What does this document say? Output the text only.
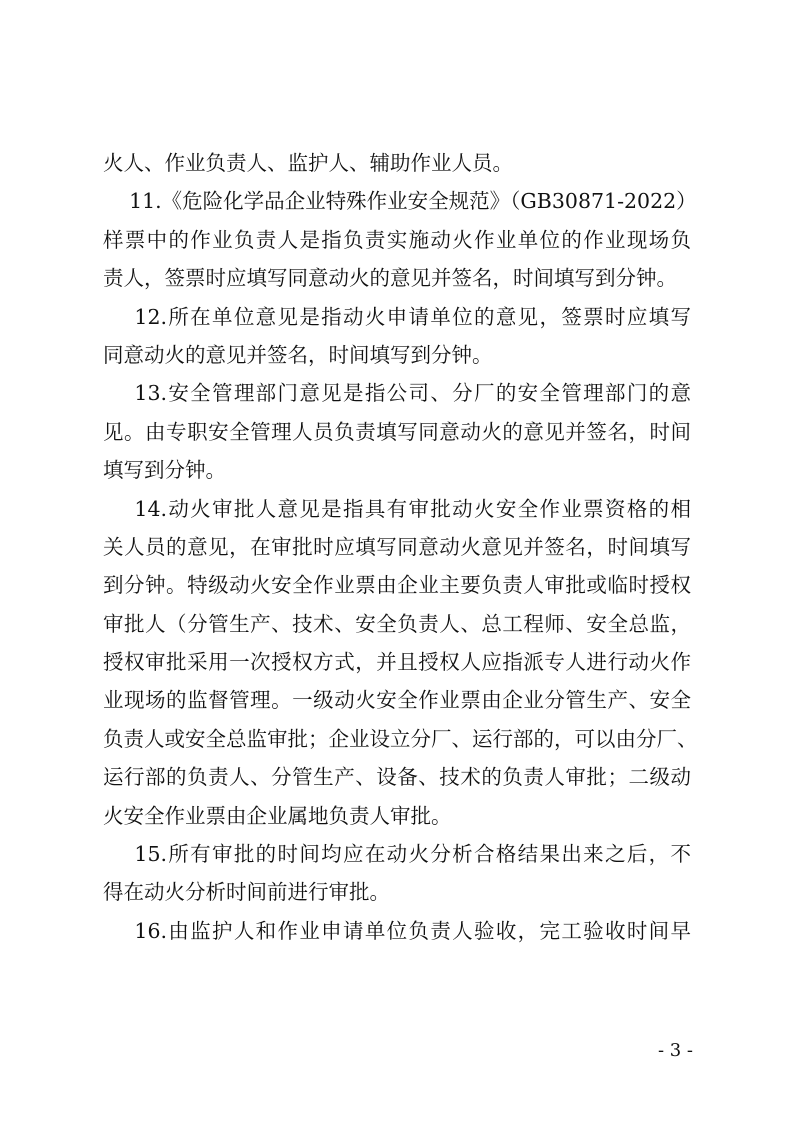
火人、作业负责人、监护人、辅助作业人员。
11.《危险化学品企业特殊作业安全规范》（GB30871-2022）
样票中的作业负责人是指负责实施动火作业单位的作业现场负
责人，签票时应填写同意动火的意见并签名，时间填写到分钟。
12.所在单位意见是指动火申请单位的意见，签票时应填写
同意动火的意见并签名，时间填写到分钟。
13.安全管理部门意见是指公司、分厂的安全管理部门的意
见。由专职安全管理人员负责填写同意动火的意见并签名，时间
填写到分钟。
14.动火审批人意见是指具有审批动火安全作业票资格的相
关人员的意见，在审批时应填写同意动火意见并签名，时间填写
到分钟。特级动火安全作业票由企业主要负责人审批或临时授权
审批人（分管生产、技术、安全负责人、总工程师、安全总监，
授权审批采用一次授权方式，并且授权人应指派专人进行动火作
业现场的监督管理。一级动火安全作业票由企业分管生产、安全
负责人或安全总监审批；企业设立分厂、运行部的，可以由分厂、
运行部的负责人、分管生产、设备、技术的负责人审批；二级动
火安全作业票由企业属地负责人审批。
15.所有审批的时间均应在动火分析合格结果出来之后，不
得在动火分析时间前进行审批。
16.由监护人和作业申请单位负责人验收，完工验收时间早
- 3 -
